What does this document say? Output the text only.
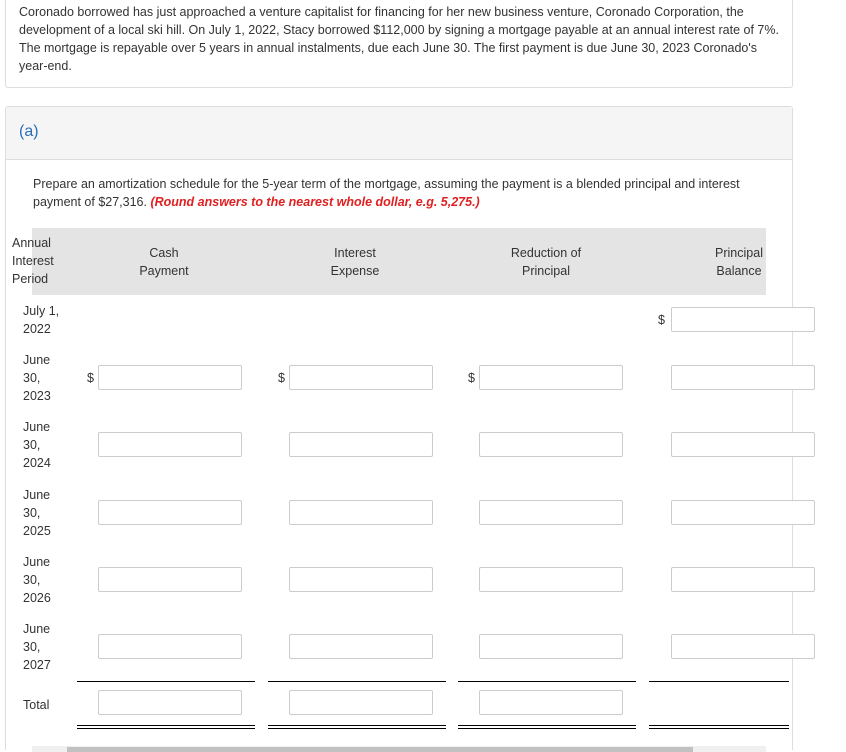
Coronado borrowed has just approached a venture capitalist for financing for her new business venture, Coronado Corporation, the development of a local ski hill. On July 1, 2022, Stacy borrowed $112,000 by signing a mortgage payable at an annual interest rate of 7%. The mortgage is repayable over 5 years in annual instalments, due each June 30. The first payment is due June 30, 2023 Coronado's year-end.

(a)
Prepare an amortization schedule for the 5-year term of the mortgage, assuming the payment is a blended principal and interest payment of $27,316. (Round answers to the nearest whole dollar, e.g. 5,275.)
Annual Interest Period
Cash Payment
Interest Expense
Reduction of Principal
Principal Balance
July 1, 2022
$
June 30, 2023
$	$	$
June 30, 2024
June 30, 2025
June 30, 2026
June 30, 2027
Total
